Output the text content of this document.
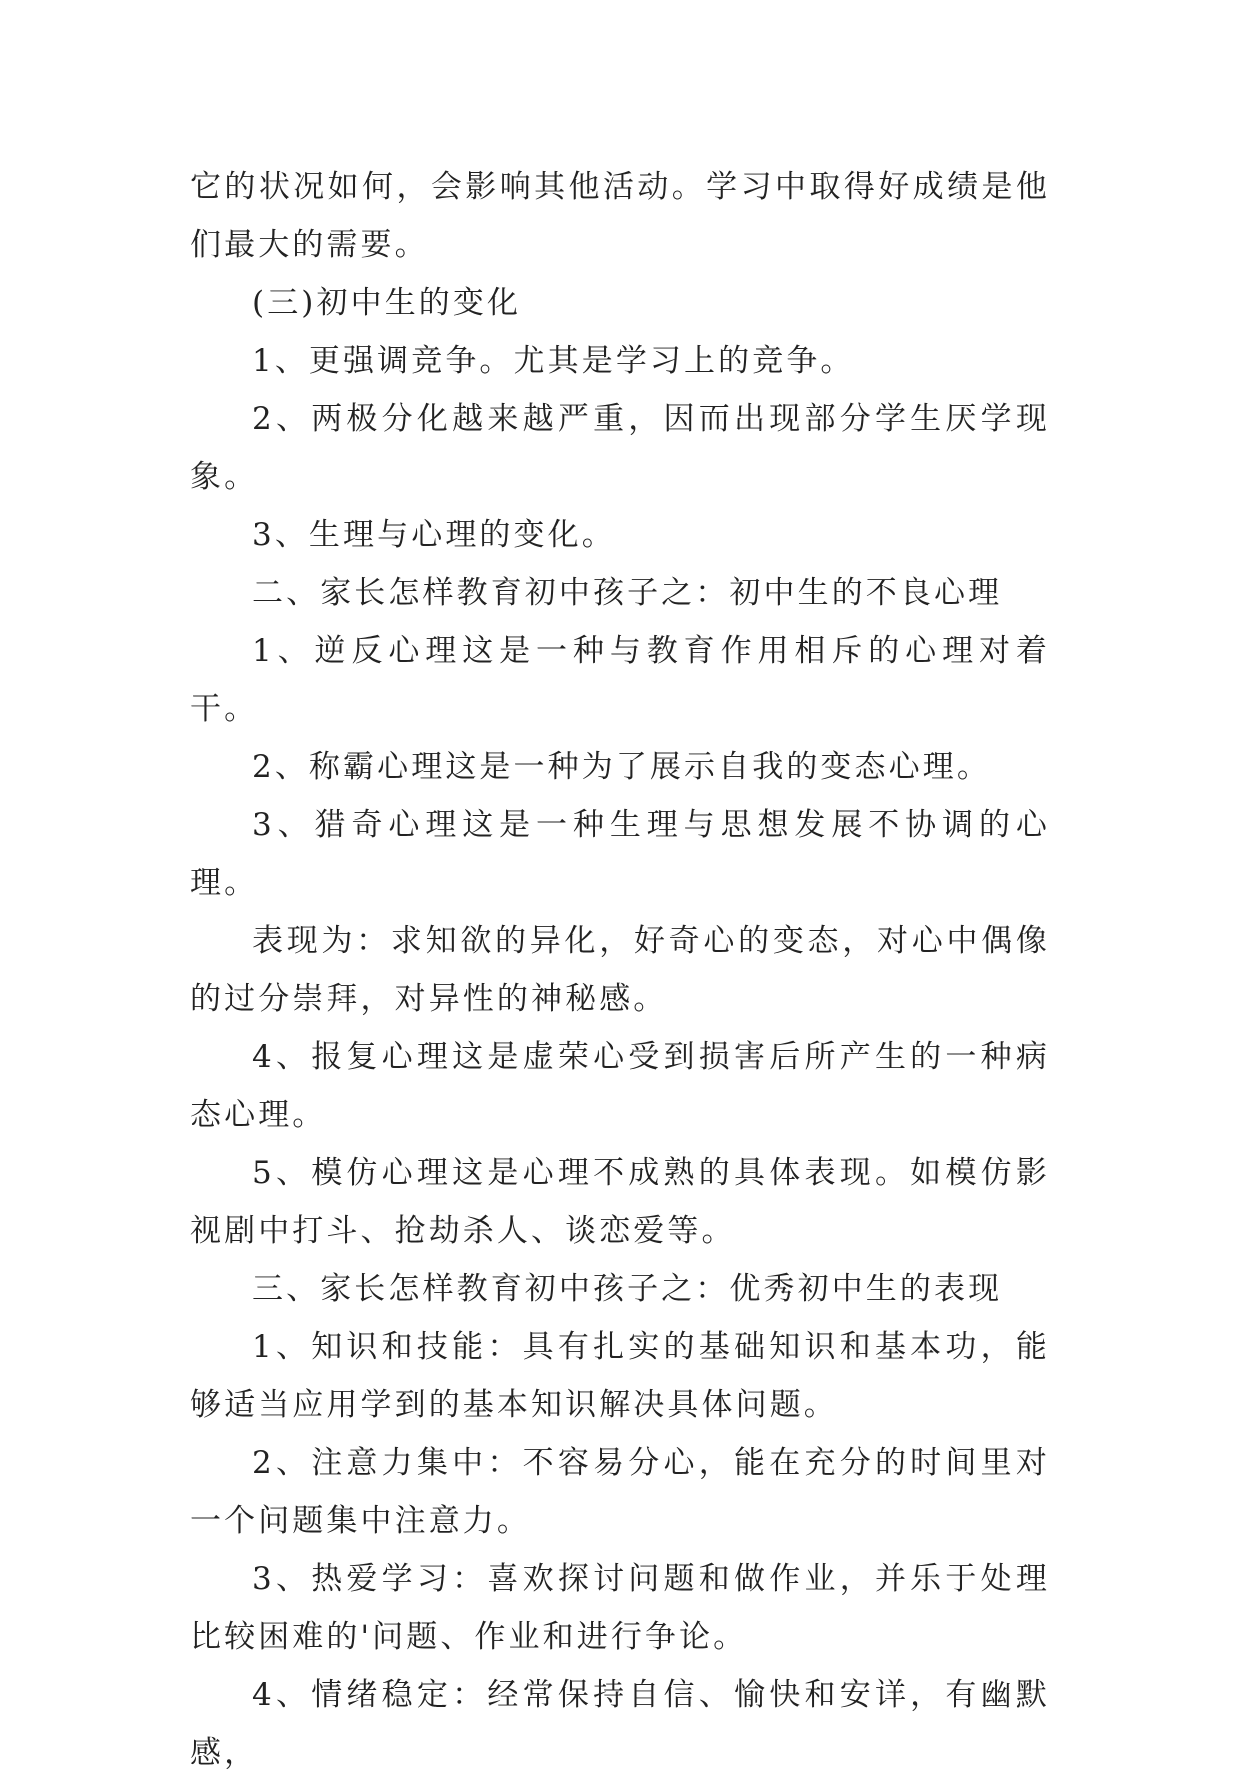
它的状况如何，会影响其他活动。学习中取得好成绩是他们最大的需要。

(三)初中生的变化

1、更强调竞争。尤其是学习上的竞争。

2、两极分化越来越严重，因而出现部分学生厌学现象。

3、生理与心理的变化。

二、家长怎样教育初中孩子之：初中生的不良心理

1、逆反心理这是一种与教育作用相斥的心理对着干。

2、称霸心理这是一种为了展示自我的变态心理。

3、猎奇心理这是一种生理与思想发展不协调的心理。

表现为：求知欲的异化，好奇心的变态，对心中偶像的过分崇拜，对异性的神秘感。

4、报复心理这是虚荣心受到损害后所产生的一种病态心理。

5、模仿心理这是心理不成熟的具体表现。如模仿影视剧中打斗、抢劫杀人、谈恋爱等。

三、家长怎样教育初中孩子之：优秀初中生的表现

1、知识和技能：具有扎实的基础知识和基本功，能够适当应用学到的基本知识解决具体问题。

2、注意力集中：不容易分心，能在充分的时间里对一个问题集中注意力。

3、热爱学习：喜欢探讨问题和做作业，并乐于处理比较困难的'问题、作业和进行争论。

4、情绪稳定：经常保持自信、愉快和安详，有幽默感，
